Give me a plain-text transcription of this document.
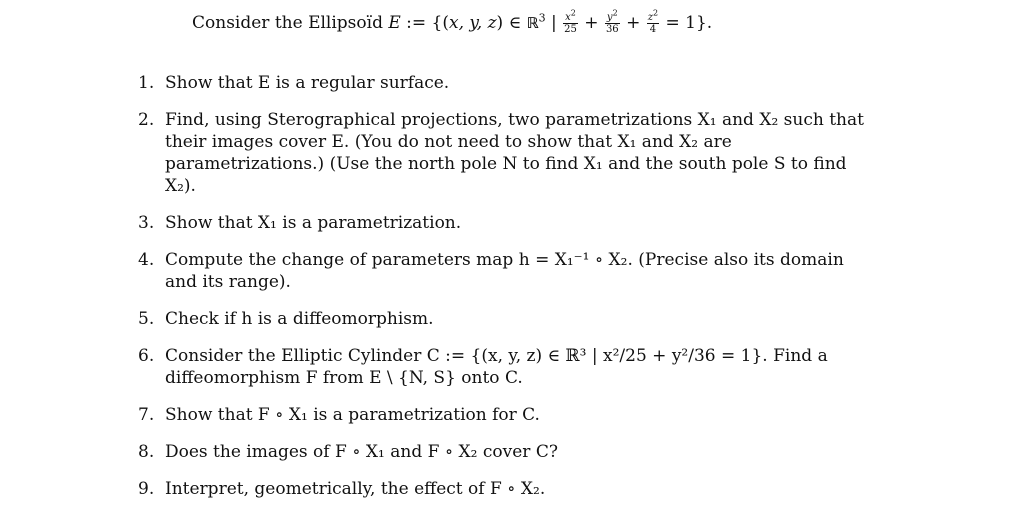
Consider the Ellipsoïd E := {(x, y, z) ∈ ℝ$^3$ | $\frac{x^2}{25} + \frac{y^2}{36} + \frac{z^2}{4} = 1$}.
1. Show that E is a regular surface.
2. Find, using Sterographical projections, two parametrizations X₁ and X₂ such that their images cover E. (You do not need to show that X₁ and X₂ are parametrizations.) (Use the north pole N to find X₁ and the south pole S to find X₂).
3. Show that X₁ is a parametrization.
4. Compute the change of parameters map h = X₁⁻¹ ∘ X₂. (Precise also its domain and its range).
5. Check if h is a diffeomorphism.
6. Consider the Elliptic Cylinder C := {(x, y, z) ∈ ℝ³ | x²/25 + y²/36 = 1}. Find a diffeomorphism F from E \ {N, S} onto C.
7. Show that F ∘ X₁ is a parametrization for C.
8. Does the images of F ∘ X₁ and F ∘ X₂ cover C?
9. Interpret, geometrically, the effect of F ∘ X₂.
